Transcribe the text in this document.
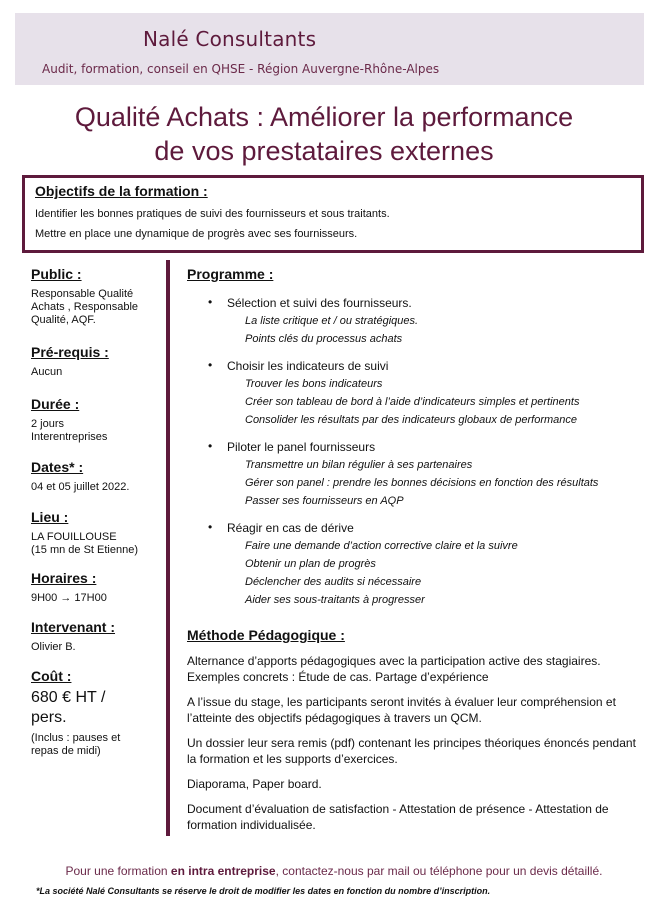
Nalé Consultants
Audit, formation, conseil en QHSE - Région Auvergne-Rhône-Alpes
Qualité Achats : Améliorer la performance
de vos prestataires externes
Objectifs de la formation :
Identifier les bonnes pratiques de suivi des fournisseurs et sous traitants.
Mettre en place une dynamique de progrès avec ses fournisseurs.
Public :
Responsable Qualité
Achats , Responsable
Qualité, AQF.
Pré-requis :
Aucun
Durée :
2 jours
Interentreprises
Dates* :
04 et 05 juillet 2022.
Lieu :
LA FOUILLOUSE
(15 mn de St Etienne)
Horaires :
9H00 → 17H00
Intervenant :
Olivier B.
Coût :
680 € HT /
pers.
(Inclus : pauses et
repas de midi)
Programme :
• Sélection et suivi des fournisseurs.
La liste critique et / ou stratégiques.
Points clés du processus achats
• Choisir les indicateurs de suivi
Trouver les bons indicateurs
Créer son tableau de bord à l’aide d’indicateurs simples et pertinents
Consolider les résultats par des indicateurs globaux de performance
• Piloter le panel fournisseurs
Transmettre un bilan régulier à ses partenaires
Gérer son panel : prendre les bonnes décisions en fonction des résultats
Passer ses fournisseurs en AQP
• Réagir en cas de dérive
Faire une demande d’action corrective claire et la suivre
Obtenir un plan de progrès
Déclencher des audits si nécessaire
Aider ses sous-traitants à progresser
Méthode Pédagogique :
Alternance d’apports pédagogiques avec la participation active des stagiaires. Exemples concrets : Étude de cas. Partage d’expérience
A l’issue du stage, les participants seront invités à évaluer leur compréhension et l’atteinte des objectifs pédagogiques à travers un QCM.
Un dossier leur sera remis (pdf) contenant les principes théoriques énoncés pendant la formation et les supports d’exercices.
Diaporama, Paper board.
Document d’évaluation de satisfaction - Attestation de présence - Attestation de formation individualisée.
Pour une formation en intra entreprise, contactez-nous par mail ou téléphone pour un devis détaillé.
*La société Nalé Consultants se réserve le droit de modifier les dates en fonction du nombre d’inscription.
